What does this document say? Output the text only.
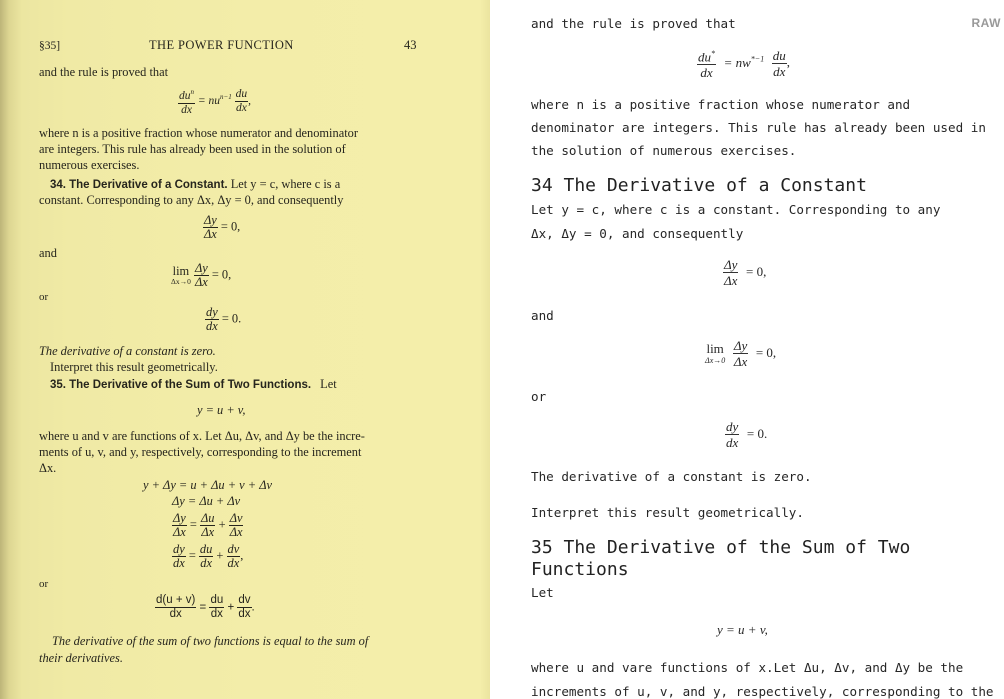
§35]	THE POWER FUNCTION	43
and the rule is proved that
$\frac{du^n}{dx} = nu^{n-1} \frac{du}{dx}$ ,
where n is a positive fraction whose numerator and denominator
are integers. This rule has already been used in the solution of
numerous exercises.
34. The Derivative of a Constant. Let y = c, where c is a
constant. Corresponding to any Δx, Δy = 0, and consequently
$\frac{\Delta y}{\Delta x} = 0$,
and
lim
Δx→0
$\frac{\Delta y}{\Delta x} = 0$,
or
$\frac{dy}{dx} = 0$.
The derivative of a constant is zero.
Interpret this result geometrically.
35. The Derivative of the Sum of Two Functions. Let
y = u + v,
where u and v are functions of x. Let Δu, Δv, and Δy be the incre-
ments of u, v, and y, respectively, corresponding to the increment
Δx.
y + Δy = u + Δu + v + Δv
Δy = Δu + Δv
$\frac{\Delta y}{\Delta x} = \frac{\Delta u}{\Delta x} + \frac{\Delta v}{\Delta x}$
$\frac{dy}{dx} = \frac{du}{dx} + \frac{dv}{dx}$ ,
or
$\frac{d(u + v)}{dx} = \frac{du}{dx} + \frac{dv}{dx}$ .
The derivative of the sum of two functions is equal to the sum of
their derivatives.
RAW
and the rule is proved that
$\frac{du^*}{dx} = nw^{*-1} \frac{du}{dx}$ ,
where n is a positive fraction whose numerator and
denominator are integers. This rule has already been used in
the solution of numerous exercises.
34 The Derivative of a Constant
Let y = c, where c is a constant. Corresponding to any
Δx, Δy = 0, and consequently
$\frac{\Delta y}{\Delta x} = 0$,
and
lim
Δx→0
$\frac{\Delta y}{\Delta x} = 0$,
or
$\frac{dy}{dx} = 0$.
The derivative of a constant is zero.
Interpret this result geometrically.
35 The Derivative of the Sum of Two
Functions
Let
y = u + v,
where u and vare functions of x.Let Δu, Δv, and Δy be the
increments of u, v, and y, respectively, corresponding to the
